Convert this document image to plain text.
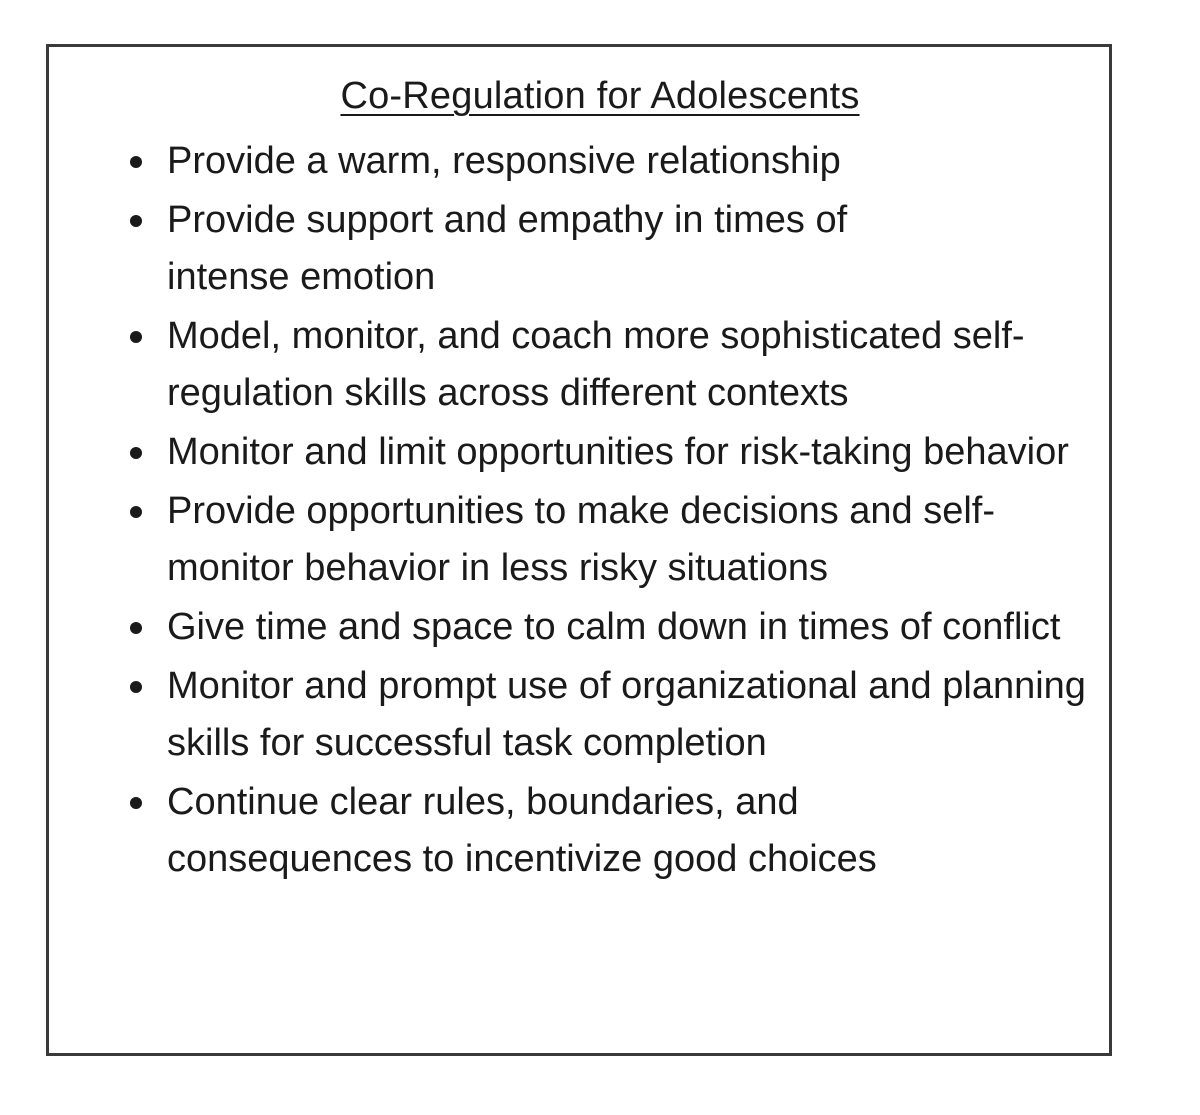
Co-Regulation for Adolescents
Provide a warm, responsive relationship
Provide support and empathy in times of intense emotion
Model, monitor, and coach more sophisticated self-regulation skills across different contexts
Monitor and limit opportunities for risk-taking behavior
Provide opportunities to make decisions and self-monitor behavior in less risky situations
Give time and space to calm down in times of conflict
Monitor and prompt use of organizational and planning skills for successful task completion
Continue clear rules, boundaries, and consequences to incentivize good choices
